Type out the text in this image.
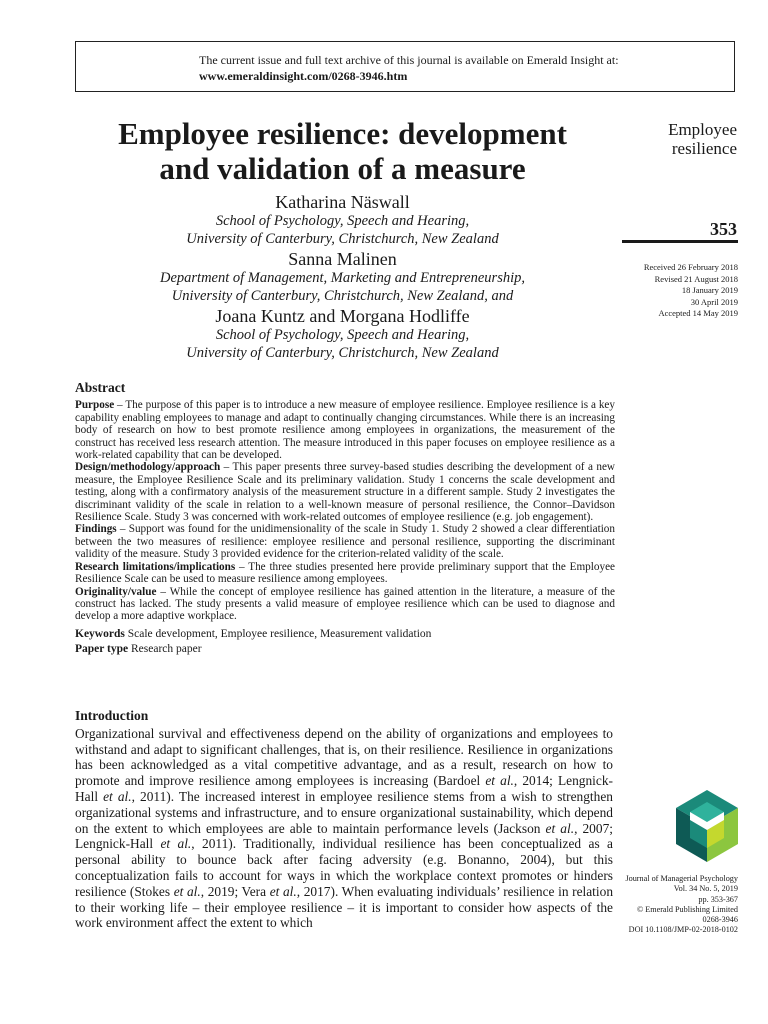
The current issue and full text archive of this journal is available on Emerald Insight at:
www.emeraldinsight.com/0268-3946.htm
Employee resilience: development
and validation of a measure
Katharina Näswall
School of Psychology, Speech and Hearing,
University of Canterbury, Christchurch, New Zealand
Sanna Malinen
Department of Management, Marketing and Entrepreneurship,
University of Canterbury, Christchurch, New Zealand, and
Joana Kuntz and Morgana Hodliffe
School of Psychology, Speech and Hearing,
University of Canterbury, Christchurch, New Zealand
Employee
resilience
353
Received 26 February 2018
Revised 21 August 2018
18 January 2019
30 April 2019
Accepted 14 May 2019
Abstract

Purpose – The purpose of this paper is to introduce a new measure of employee resilience. Employee resilience is a key capability enabling employees to manage and adapt to continually changing circumstances. While there is an increasing body of research on how to best promote resilience among employees in organizations, the measurement of the construct has received less research attention. The measure introduced in this paper focuses on employee resilience as a work-related capability that can be developed.

Design/methodology/approach – This paper presents three survey-based studies describing the development of a new measure, the Employee Resilience Scale and its preliminary validation. Study 1 concerns the scale development and testing, along with a confirmatory analysis of the measurement structure in a different sample. Study 2 investigates the discriminant validity of the scale in relation to a well-known measure of personal resilience, the Connor–Davidson Resilience Scale. Study 3 was concerned with work-related outcomes of employee resilience (e.g. job engagement).

Findings – Support was found for the unidimensionality of the scale in Study 1. Study 2 showed a clear differentiation between the two measures of resilience: employee resilience and personal resilience, supporting the discriminant validity of the measure. Study 3 provided evidence for the criterion-related validity of the scale.

Research limitations/implications – The three studies presented here provide preliminary support that the Employee Resilience Scale can be used to measure resilience among employees.

Originality/value – While the concept of employee resilience has gained attention in the literature, a measure of the construct has lacked. The study presents a valid measure of employee resilience which can be used to diagnose and develop a more adaptive workplace.

Keywords Scale development, Employee resilience, Measurement validation

Paper type Research paper

Introduction

Organizational survival and effectiveness depend on the ability of organizations and employees to withstand and adapt to significant challenges, that is, on their resilience. Resilience in organizations has been acknowledged as a vital competitive advantage, and as a result, research on how to promote and improve resilience among employees is increasing (Bardoel et al., 2014; Lengnick-Hall et al., 2011). The increased interest in employee resilience stems from a wish to strengthen organizational systems and infrastructure, and to ensure organizational sustainability, which depend on the extent to which employees are able to maintain performance levels (Jackson et al., 2007; Lengnick-Hall et al., 2011). Traditionally, individual resilience has been conceptualized as a personal ability to bounce back after facing adversity (e.g. Bonanno, 2004), but this conceptualization fails to account for ways in which the workplace context promotes or hinders resilience (Stokes et al., 2019; Vera et al., 2017). When evaluating individuals’ resilience in relation to their working life – their employee resilience – it is important to consider how aspects of the work environment affect the extent to which

Journal of Managerial Psychology
Vol. 34 No. 5, 2019
pp. 353-367
© Emerald Publishing Limited
0268-3946
DOI 10.1108/JMP-02-2018-0102
